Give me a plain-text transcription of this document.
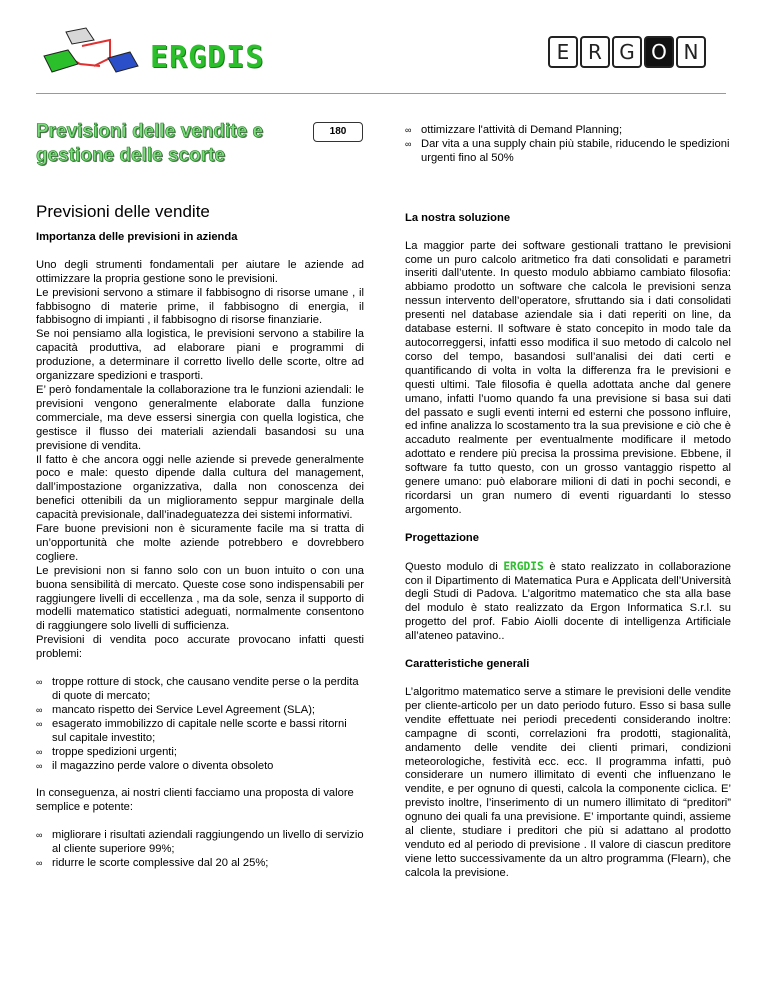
ERGDIS	E R G O N
Previsioni delle vendite e gestione delle scorte
180
Previsioni delle vendite
Importanza delle previsioni in azienda

Uno degli strumenti fondamentali per aiutare le aziende ad ottimizzare la propria gestione sono le previsioni.

Le previsioni servono a stimare il fabbisogno di risorse umane , il fabbisogno di materie prime, il fabbisogno di energia, il fabbisogno di impianti , il fabbisogno di risorse finanziarie.

Se noi pensiamo alla logistica, le previsioni servono a stabilire la capacità produttiva, ad elaborare piani e programmi di produzione, a determinare il corretto livello delle scorte, oltre ad organizzare spedizioni e trasporti.

E’ però fondamentale la collaborazione tra le funzioni aziendali: le previsioni vengono generalmente elaborate dalla funzione commerciale, ma deve essersi sinergia con quella logistica, che gestisce il flusso dei materiali aziendali basandosi su una previsione di vendita.

Il fatto è che ancora oggi nelle aziende si prevede generalmente poco e male: questo dipende dalla cultura del management, dall’impostazione organizzativa, dalla non conoscenza dei benefici ottenibili da un miglioramento seppur marginale della capacità previsionale, dall’inadeguatezza dei sistemi informativi.

Fare buone previsioni non è sicuramente facile ma si tratta di un’opportunità che molte aziende potrebbero e dovrebbero cogliere.

Le previsioni non si fanno solo con un buon intuito o con una buona sensibilità di mercato. Queste cose sono indispensabili per raggiungere livelli di eccellenza , ma da sole, senza il supporto di modelli matematico statistici adeguati, normalmente consentono di raggiungere solo livelli di sufficienza.

Previsioni di vendita poco accurate provocano infatti questi problemi:

∞ troppe rotture di stock, che causano vendite perse o la perdita di quote di mercato;
∞ mancato rispetto dei Service Level Agreement (SLA);
∞ esagerato immobilizzo di capitale nelle scorte e bassi ritorni sul capitale investito;
∞ troppe spedizioni urgenti;
∞ il magazzino perde valore o diventa obsoleto

In conseguenza, ai nostri clienti facciamo una proposta di valore semplice e potente:

∞ migliorare i risultati aziendali raggiungendo un livello di servizio al cliente superiore 99%;
∞ ridurre le scorte complessive dal 20 al 25%;
∞ ottimizzare l'attività di Demand Planning;
∞ Dar vita a una supply chain più stabile, riducendo le spedizioni urgenti fino al 50%
La nostra soluzione

La maggior parte dei software gestionali trattano le previsioni come un puro calcolo aritmetico fra dati consolidati e parametri inseriti dall’utente. In questo modulo abbiamo cambiato filosofia: abbiamo prodotto un software che calcola le previsioni senza nessun intervento dell’operatore, sfruttando sia i dati consolidati presenti nel database aziendale sia i dati reperiti on line, da database esterni. Il software è stato concepito in modo tale da autocorreggersi, infatti esso modifica il suo metodo di calcolo nel corso del tempo, basandosi sull’analisi dei dati certi e quantificando di volta in volta la differenza fra le previsioni e questi ultimi. Tale filosofia è quella adottata anche dal genere umano, infatti l’uomo quando fa una previsione si basa sui dati del passato e sugli eventi interni ed esterni che possono influire, ed infine analizza lo scostamento tra la sua previsione e ciò che è accaduto realmente per eventualmente modificare il metodo adottato e rendere più precisa la prossima previsione. Ebbene, il software fa tutto questo, con un grosso vantaggio rispetto al genere umano: può elaborare milioni di dati in pochi secondi, e ricordarsi un gran numero di eventi riguardanti lo stesso argomento.

Progettazione

Questo modulo di ERGDIS è stato realizzato in collaborazione con il Dipartimento di Matematica Pura e Applicata dell’Università degli Studi di Padova. L’algoritmo matematico che sta alla base del modulo è stato realizzato da Ergon Informatica S.r.l. su progetto del prof. Fabio Aiolli docente di intelligenza Artificiale all’ateneo patavino..

Caratteristiche generali

L’algoritmo matematico serve a stimare le previsioni delle vendite per cliente-articolo per un dato periodo futuro. Esso si basa sulle vendite effettuate nei periodi precedenti considerando inoltre: campagne di sconti, correlazioni fra prodotti, stagionalità, andamento delle vendite dei clienti primari, condizioni meteorologiche, festività ecc. ecc. Il programma infatti, può considerare un numero illimitato di eventi che influenzano le vendite, e per ognuno di questi, calcola la componente ciclica. E’ previsto inoltre, l’inserimento di un numero illimitato di “preditori” ognuno dei quali fa una previsione. E’ importante quindi, assieme al cliente, studiare i preditori che più si adattano al prodotto venduto ed al periodo di previsione . Il valore di ciascun preditore viene letto successivamente da un altro programma (Flearn), che calcola la previsione.
